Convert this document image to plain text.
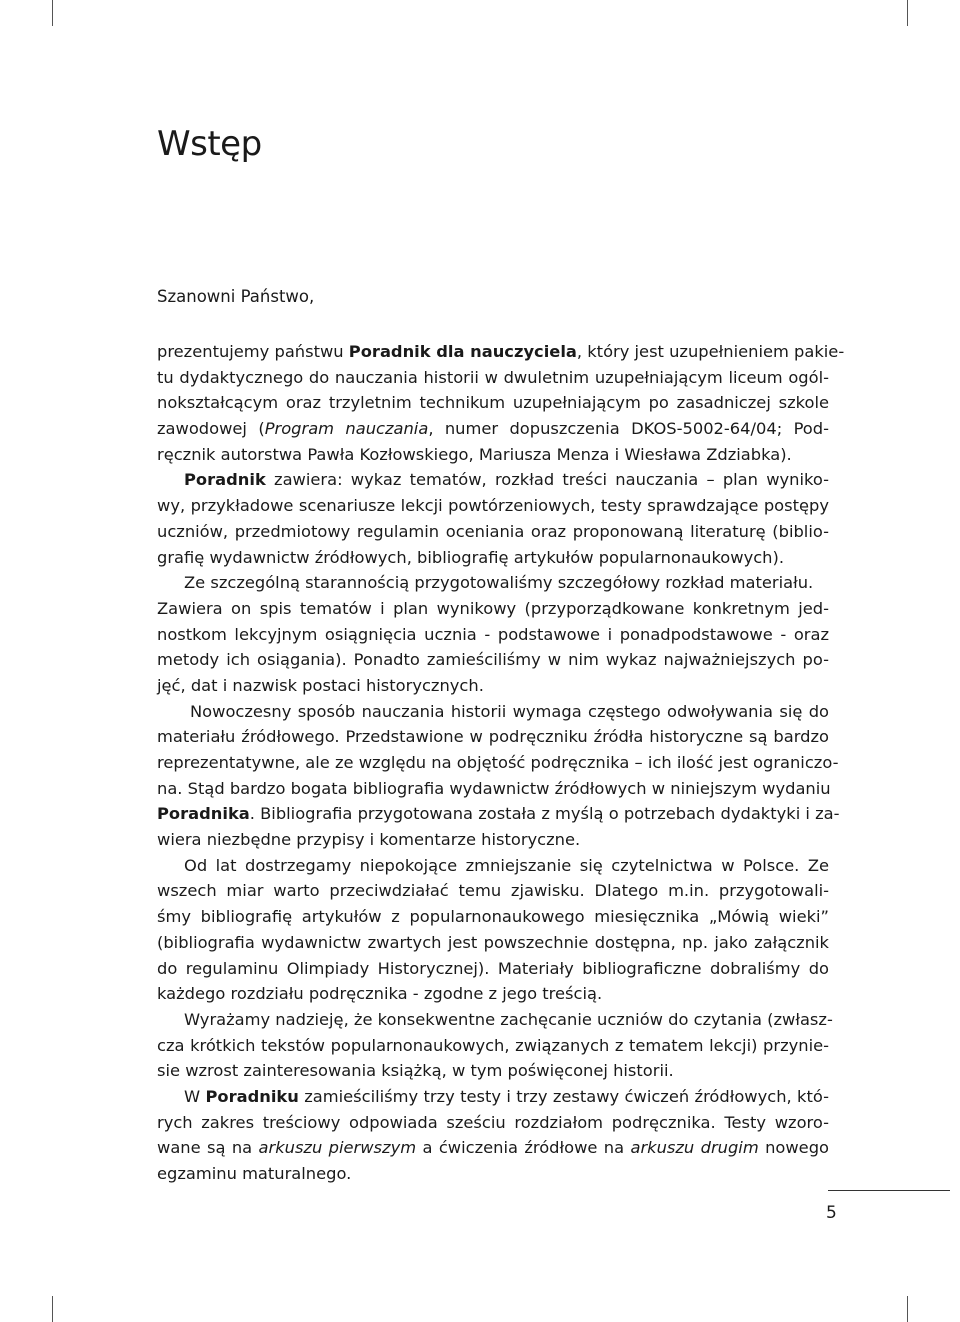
Wstęp

Szanowni Państwo,

prezentujemy państwu Poradnik dla nauczyciela, który jest uzupełnieniem pakie-
tu dydaktycznego do nauczania historii w dwuletnim uzupełniającym liceum ogól-
nokształcącym oraz trzyletnim technikum uzupełniającym po zasadniczej szkole
zawodowej (Program nauczania, numer dopuszczenia DKOS-5002-64/04; Pod-
ręcznik autorstwa Pawła Kozłowskiego, Mariusza Menza i Wiesława Zdziabka).
Poradnik zawiera: wykaz tematów, rozkład treści nauczania – plan wyniko-
wy, przykładowe scenariusze lekcji powtórzeniowych, testy sprawdzające postępy
uczniów, przedmiotowy regulamin oceniania oraz proponowaną literaturę (biblio-
grafię wydawnictw źródłowych, bibliografię artykułów popularnonaukowych).
Ze szczególną starannością przygotowaliśmy szczegółowy rozkład materiału.
Zawiera on spis tematów i plan wynikowy (przyporządkowane konkretnym jed-
nostkom lekcyjnym osiągnięcia ucznia - podstawowe i ponadpodstawowe - oraz
metody ich osiągania). Ponadto zamieściliśmy w nim wykaz najważniejszych po-
jęć, dat i nazwisk postaci historycznych.
Nowoczesny sposób nauczania historii wymaga częstego odwoływania się do
materiału źródłowego. Przedstawione w podręczniku źródła historyczne są bardzo
reprezentatywne, ale ze względu na objętość podręcznika – ich ilość jest ograniczo-
na. Stąd bardzo bogata bibliografia wydawnictw źródłowych w niniejszym wydaniu
Poradnika. Bibliografia przygotowana została z myślą o potrzebach dydaktyki i za-
wiera niezbędne przypisy i komentarze historyczne.
Od lat dostrzegamy niepokojące zmniejszanie się czytelnictwa w Polsce. Ze
wszech miar warto przeciwdziałać temu zjawisku. Dlatego m.in. przygotowali-
śmy bibliografię artykułów z popularnonaukowego miesięcznika „Mówią wieki”
(bibliografia wydawnictw zwartych jest powszechnie dostępna, np. jako załącznik
do regulaminu Olimpiady Historycznej). Materiały bibliograficzne dobraliśmy do
każdego rozdziału podręcznika - zgodne z jego treścią.
Wyrażamy nadzieję, że konsekwentne zachęcanie uczniów do czytania (zwłasz-
cza krótkich tekstów popularnonaukowych, związanych z tematem lekcji) przynie-
sie wzrost zainteresowania książką, w tym poświęconej historii.
W Poradniku zamieściliśmy trzy testy i trzy zestawy ćwiczeń źródłowych, któ-
rych zakres treściowy odpowiada sześciu rozdziałom podręcznika. Testy wzoro-
wane są na arkuszu pierwszym a ćwiczenia źródłowe na arkuszu drugim nowego
egzaminu maturalnego.
5
